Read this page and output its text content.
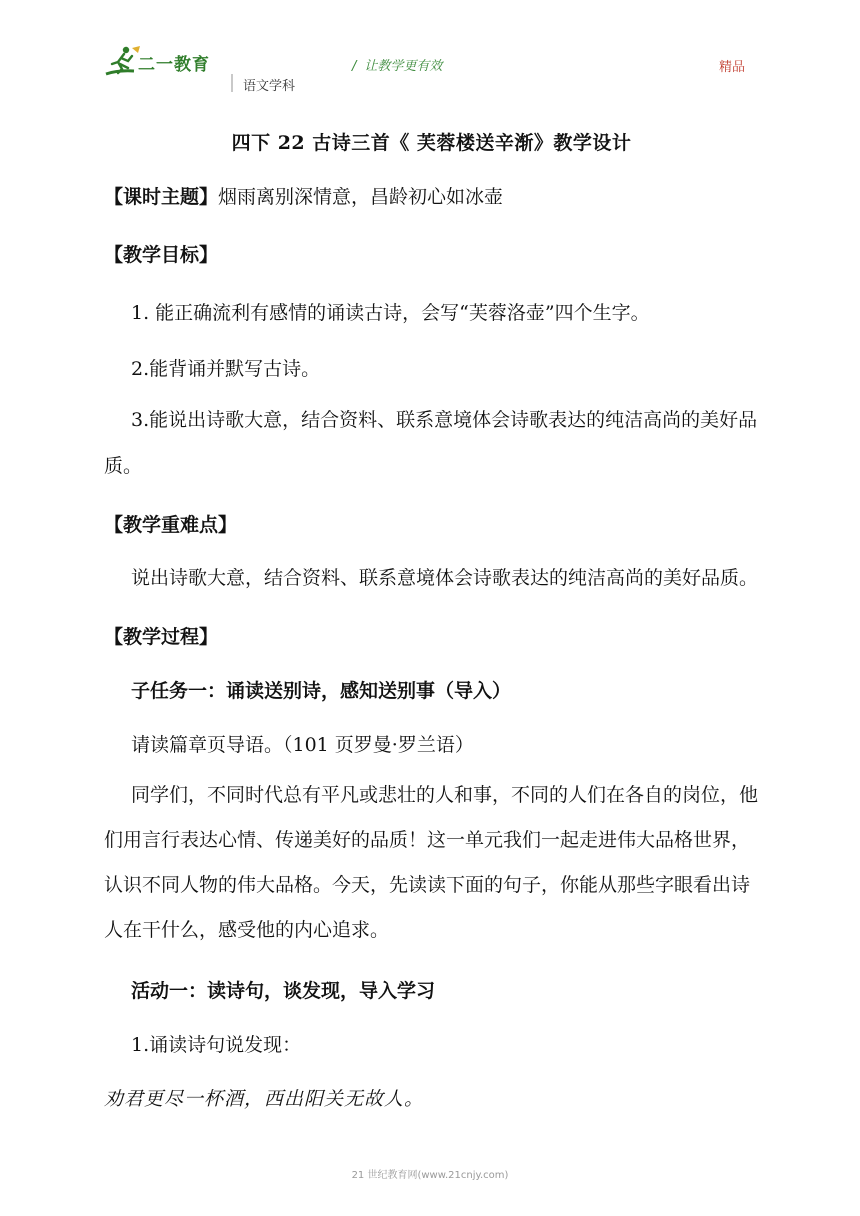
二一教育
语文学科
/ 让教学更有效	精品
四下 22 古诗三首《 芙蓉楼送辛渐》教学设计

【课时主题】烟雨离别深情意，昌龄初心如冰壶

【教学目标】

1. 能正确流利有感情的诵读古诗，会写“芙蓉洛壶”四个生字。

2.能背诵并默写古诗。

3.能说出诗歌大意，结合资料、联系意境体会诗歌表达的纯洁高尚的美好品质。

【教学重难点】

说出诗歌大意，结合资料、联系意境体会诗歌表达的纯洁高尚的美好品质。

【教学过程】

子任务一：诵读送别诗，感知送别事（导入）

请读篇章页导语。（101 页罗曼·罗兰语）

同学们，不同时代总有平凡或悲壮的人和事，不同的人们在各自的岗位，他们用言行表达心情、传递美好的品质！这一单元我们一起走进伟大品格世界，认识不同人物的伟大品格。今天，先读读下面的句子，你能从那些字眼看出诗人在干什么，感受他的内心追求。

活动一：读诗句，谈发现，导入学习

1.诵读诗句说发现：

劝君更尽一杯酒，西出阳关无故人。

21 世纪教育网(www.21cnjy.com)
